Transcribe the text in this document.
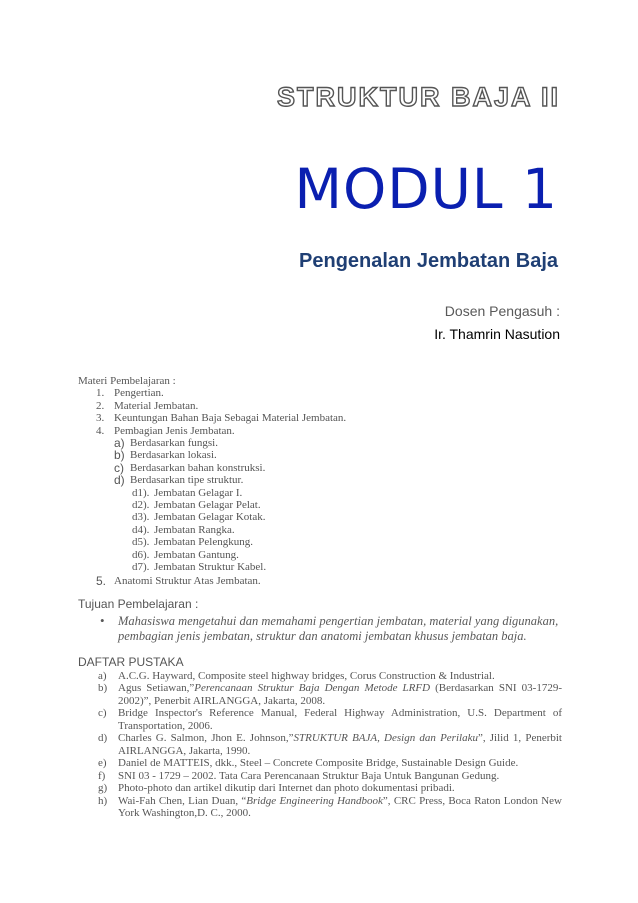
STRUKTUR BAJA II
MODUL 1
Pengenalan Jembatan Baja
Dosen Pengasuh :
Ir. Thamrin Nasution
Materi Pembelajaran :
1. Pengertian.
2. Material Jembatan.
3. Keuntungan Bahan Baja Sebagai Material Jembatan.
4. Pembagian Jenis Jembatan.
a) Berdasarkan fungsi.
b) Berdasarkan lokasi.
c) Berdasarkan bahan konstruksi.
d) Berdasarkan tipe struktur.
d1). Jembatan Gelagar I.
d2). Jembatan Gelagar Pelat.
d3). Jembatan Gelagar Kotak.
d4). Jembatan Rangka.
d5). Jembatan Pelengkung.
d6). Jembatan Gantung.
d7). Jembatan Struktur Kabel.
5. Anatomi Struktur Atas Jembatan.
Tujuan Pembelajaran :
• Mahasiswa mengetahui dan memahami pengertian jembatan, material yang digunakan, pembagian jenis jembatan, struktur dan anatomi jembatan khusus jembatan baja.
DAFTAR PUSTAKA
a) A.C.G. Hayward, Composite steel highway bridges, Corus Construction & Industrial.
b) Agus Setiawan,”Perencanaan Struktur Baja Dengan Metode LRFD (Berdasarkan SNI 03-1729-2002)”, Penerbit AIRLANGGA, Jakarta, 2008.
c) Bridge Inspector's Reference Manual, Federal Highway Administration, U.S. Department of Transportation, 2006.
d) Charles G. Salmon, Jhon E. Johnson,”STRUKTUR BAJA, Design dan Perilaku”, Jilid 1, Penerbit AIRLANGGA, Jakarta, 1990.
e) Daniel de MATTEIS, dkk., Steel – Concrete Composite Bridge, Sustainable Design Guide.
f) SNI 03 - 1729 – 2002. Tata Cara Perencanaan Struktur Baja Untuk Bangunan Gedung.
g) Photo-photo dan artikel dikutip dari Internet dan photo dokumentasi pribadi.
h) Wai-Fah Chen, Lian Duan, “Bridge Engineering Handbook”, CRC Press, Boca Raton London New York Washington,D. C., 2000.
